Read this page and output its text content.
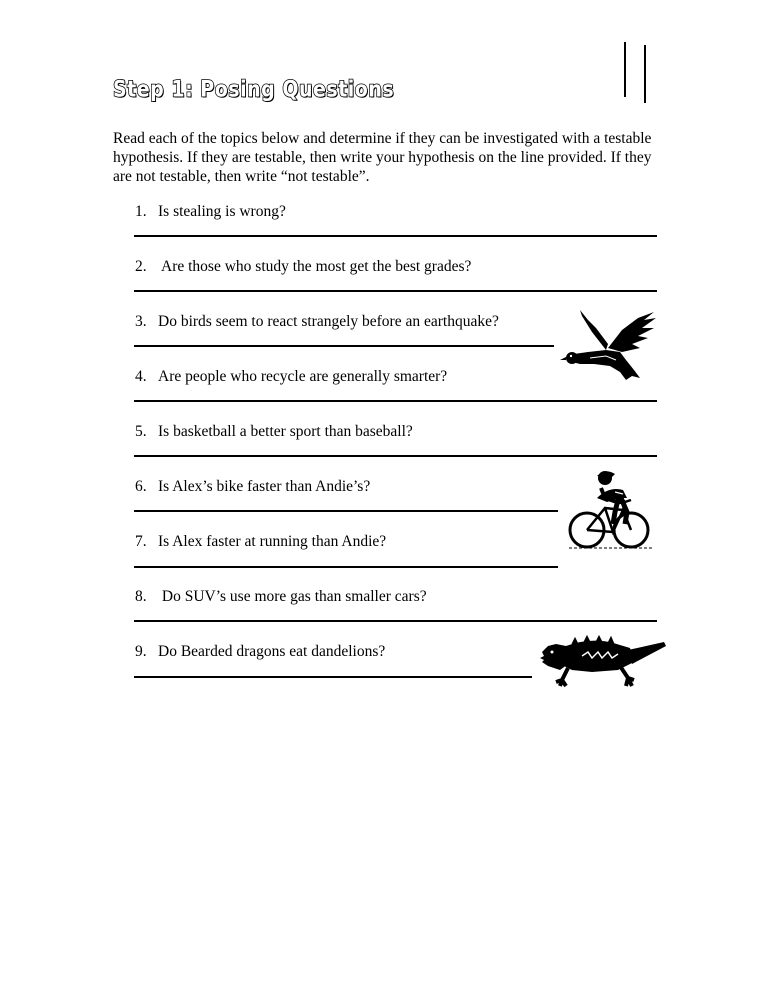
Step 1: Posing Questions

Read each of the topics below and determine if they can be investigated with a testable hypothesis. If they are testable, then write your hypothesis on the line provided. If they are not testable, then write “not testable”.

1. Is stealing is wrong?

2. Are those who study the most get the best grades?

3. Do birds seem to react strangely before an earthquake?

4. Are people who recycle are generally smarter?

5. Is basketball a better sport than baseball?

6. Is Alex’s bike faster than Andie’s?

7. Is Alex faster at running than Andie?

8. Do SUV’s use more gas than smaller cars?

9. Do Bearded dragons eat dandelions?
